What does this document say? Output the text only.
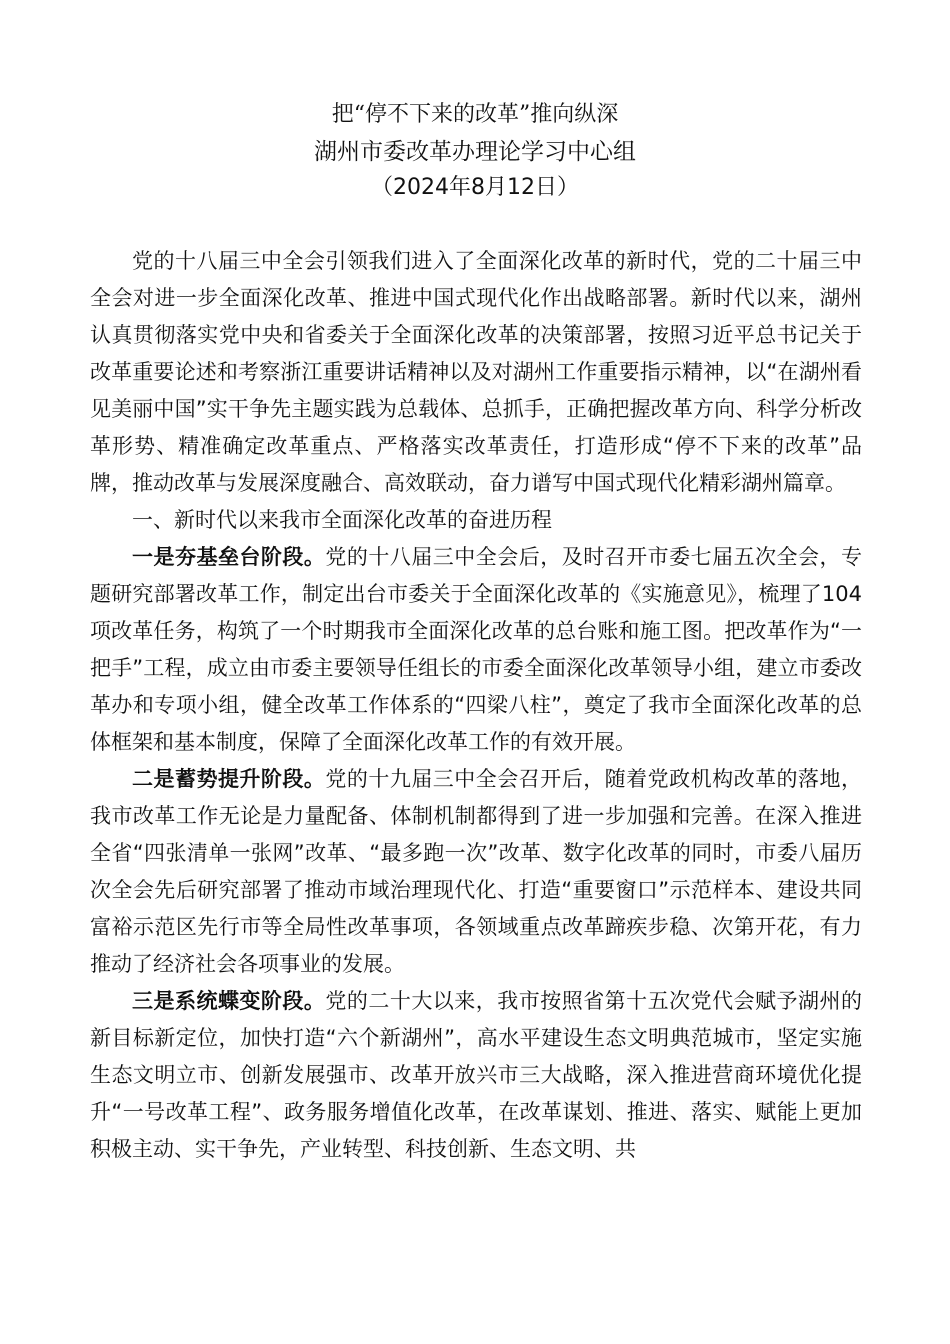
把“停不下来的改革”推向纵深
湖州市委改革办理论学习中心组
（2024年8月12日）

党的十八届三中全会引领我们进入了全面深化改革的新时代，党的二十届三中全会对进一步全面深化改革、推进中国式现代化作出战略部署。新时代以来，湖州认真贯彻落实党中央和省委关于全面深化改革的决策部署，按照习近平总书记关于改革重要论述和考察浙江重要讲话精神以及对湖州工作重要指示精神，以“在湖州看见美丽中国”实干争先主题实践为总载体、总抓手，正确把握改革方向、科学分析改革形势、精准确定改革重点、严格落实改革责任，打造形成“停不下来的改革”品牌，推动改革与发展深度融合、高效联动，奋力谱写中国式现代化精彩湖州篇章。

一、新时代以来我市全面深化改革的奋进历程

一是夯基垒台阶段。党的十八届三中全会后，及时召开市委七届五次全会，专题研究部署改革工作，制定出台市委关于全面深化改革的《实施意见》，梳理了104项改革任务，构筑了一个时期我市全面深化改革的总台账和施工图。把改革作为“一把手”工程，成立由市委主要领导任组长的市委全面深化改革领导小组，建立市委改革办和专项小组，健全改革工作体系的“四梁八柱”，奠定了我市全面深化改革的总体框架和基本制度，保障了全面深化改革工作的有效开展。

二是蓄势提升阶段。党的十九届三中全会召开后，随着党政机构改革的落地，我市改革工作无论是力量配备、体制机制都得到了进一步加强和完善。在深入推进全省“四张清单一张网”改革、“最多跑一次”改革、数字化改革的同时，市委八届历次全会先后研究部署了推动市域治理现代化、打造“重要窗口”示范样本、建设共同富裕示范区先行市等全局性改革事项，各领域重点改革蹄疾步稳、次第开花，有力推动了经济社会各项事业的发展。

三是系统蝶变阶段。党的二十大以来，我市按照省第十五次党代会赋予湖州的新目标新定位，加快打造“六个新湖州”，高水平建设生态文明典范城市，坚定实施生态文明立市、创新发展强市、改革开放兴市三大战略，深入推进营商环境优化提升“一号改革工程”、政务服务增值化改革，在改革谋划、推进、落实、赋能上更加积极主动、实干争先，产业转型、科技创新、生态文明、共
